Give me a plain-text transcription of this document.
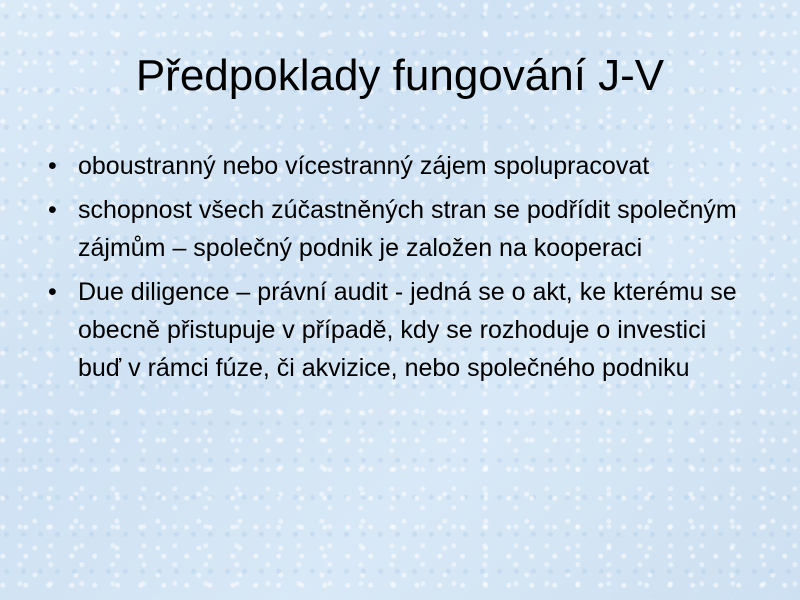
Předpoklady fungování J-V
• oboustranný nebo vícestranný zájem spolupracovat
• schopnost všech zúčastněných stran se podřídit společným zájmům – společný podnik je založen na kooperaci
• Due diligence – právní audit - jedná se o akt, ke kterému se obecně přistupuje v případě, kdy se rozhoduje o investici buď v rámci fúze, či akvizice, nebo společného podniku
